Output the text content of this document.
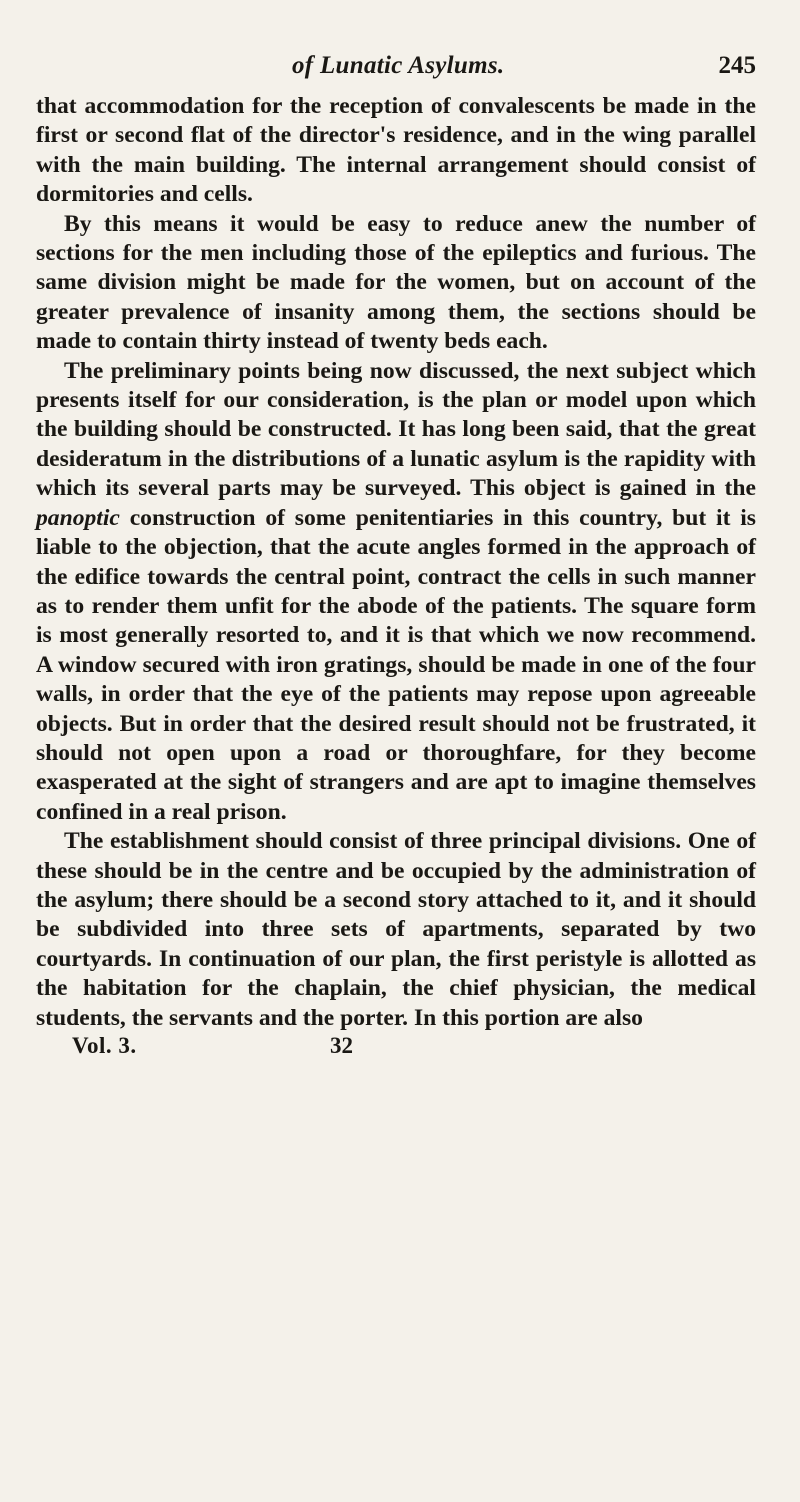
of Lunatic Asylums.	245

that accommodation for the reception of convalescents be made in the first or second flat of the director's residence, and in the wing parallel with the main building. The internal arrangement should consist of dormitories and cells.

By this means it would be easy to reduce anew the number of sections for the men including those of the epileptics and furious. The same division might be made for the women, but on account of the greater prevalence of insanity among them, the sections should be made to contain thirty instead of twenty beds each.

The preliminary points being now discussed, the next subject which presents itself for our consideration, is the plan or model upon which the building should be constructed. It has long been said, that the great desideratum in the distributions of a lunatic asylum is the rapidity with which its several parts may be surveyed. This object is gained in the panoptic construction of some penitentiaries in this country, but it is liable to the objection, that the acute angles formed in the approach of the edifice towards the central point, contract the cells in such manner as to render them unfit for the abode of the patients. The square form is most generally resorted to, and it is that which we now recommend. A window secured with iron gratings, should be made in one of the four walls, in order that the eye of the patients may repose upon agreeable objects. But in order that the desired result should not be frustrated, it should not open upon a road or thoroughfare, for they become exasperated at the sight of strangers and are apt to imagine themselves confined in a real prison.

The establishment should consist of three principal divisions. One of these should be in the centre and be occupied by the administration of the asylum; there should be a second story attached to it, and it should be subdivided into three sets of apartments, separated by two courtyards. In continuation of our plan, the first peristyle is allotted as the habitation for the chaplain, the chief physician, the medical students, the servants and the porter. In this portion are also

Vol. 3.	32
